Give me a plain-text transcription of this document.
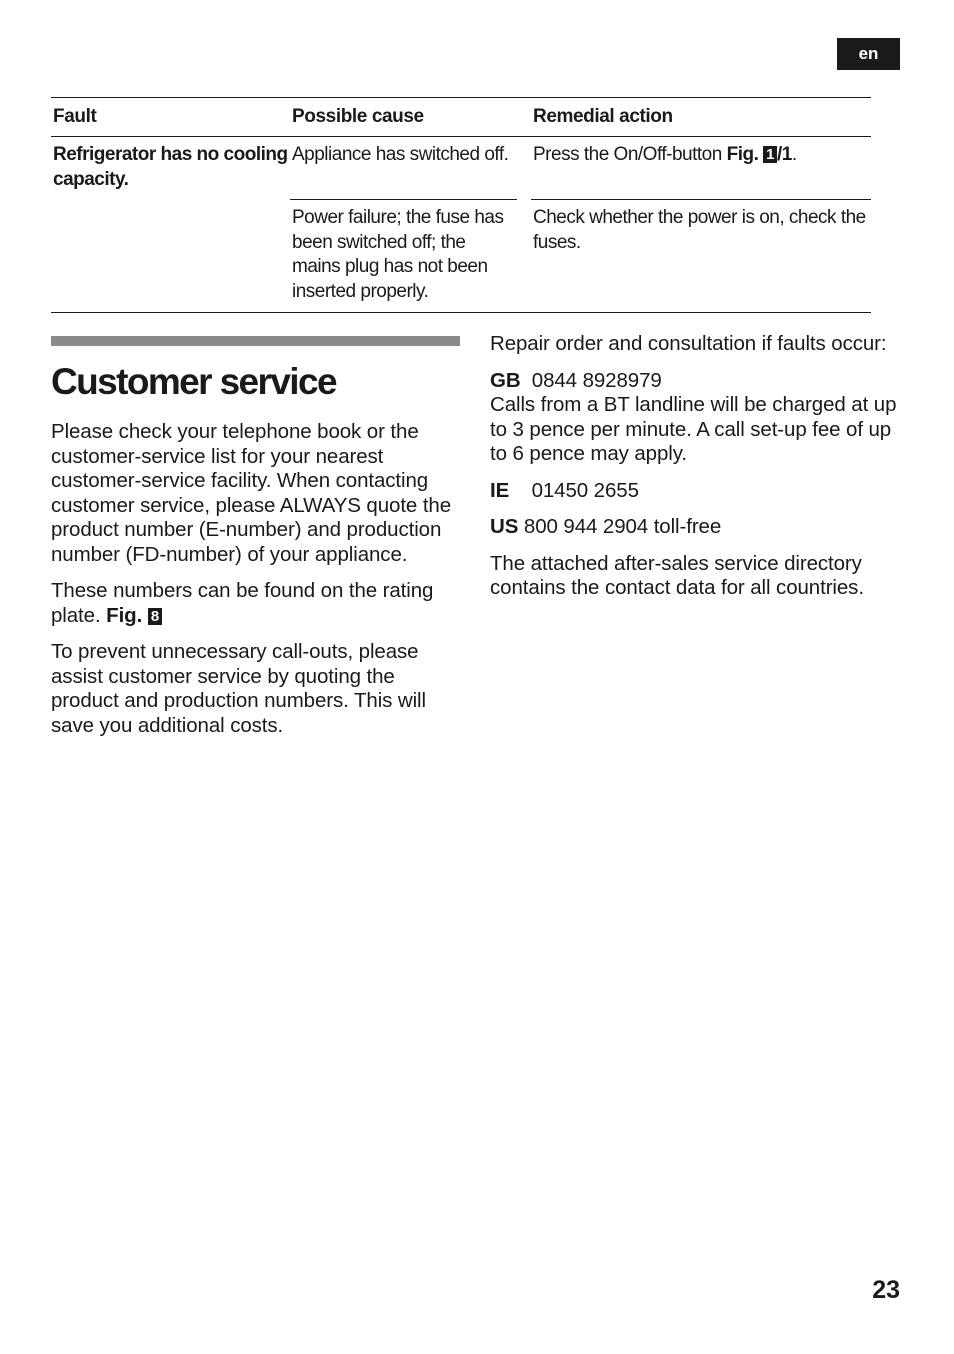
en
Fault	Possible cause		Remedial action
Refrigerator has no cooling capacity.	Appliance has switched off.		Press the On/Off-button Fig. 1 /1.
	Power failure; the fuse has been switched off; the mains plug has not been inserted properly.		Check whether the power is on, check the fuses.
Customer service

Please check your telephone book or the customer-service list for your nearest customer-service facility. When contacting customer service, please ALWAYS quote the product number (E-number) and production number (FD-number) of your appliance.

These numbers can be found on the rating plate. Fig. 8

To prevent unnecessary call-outs, please assist customer service by quoting the product and production numbers. This will save you additional costs.

Repair order and consultation if faults occur:

GB 0844 8928979
Calls from a BT landline will be charged at up to 3 pence per minute. A call set-up fee of up to 6 pence may apply.

IE 01450 2655

US 800 944 2904 toll-free

The attached after-sales service directory contains the contact data for all countries.

23
